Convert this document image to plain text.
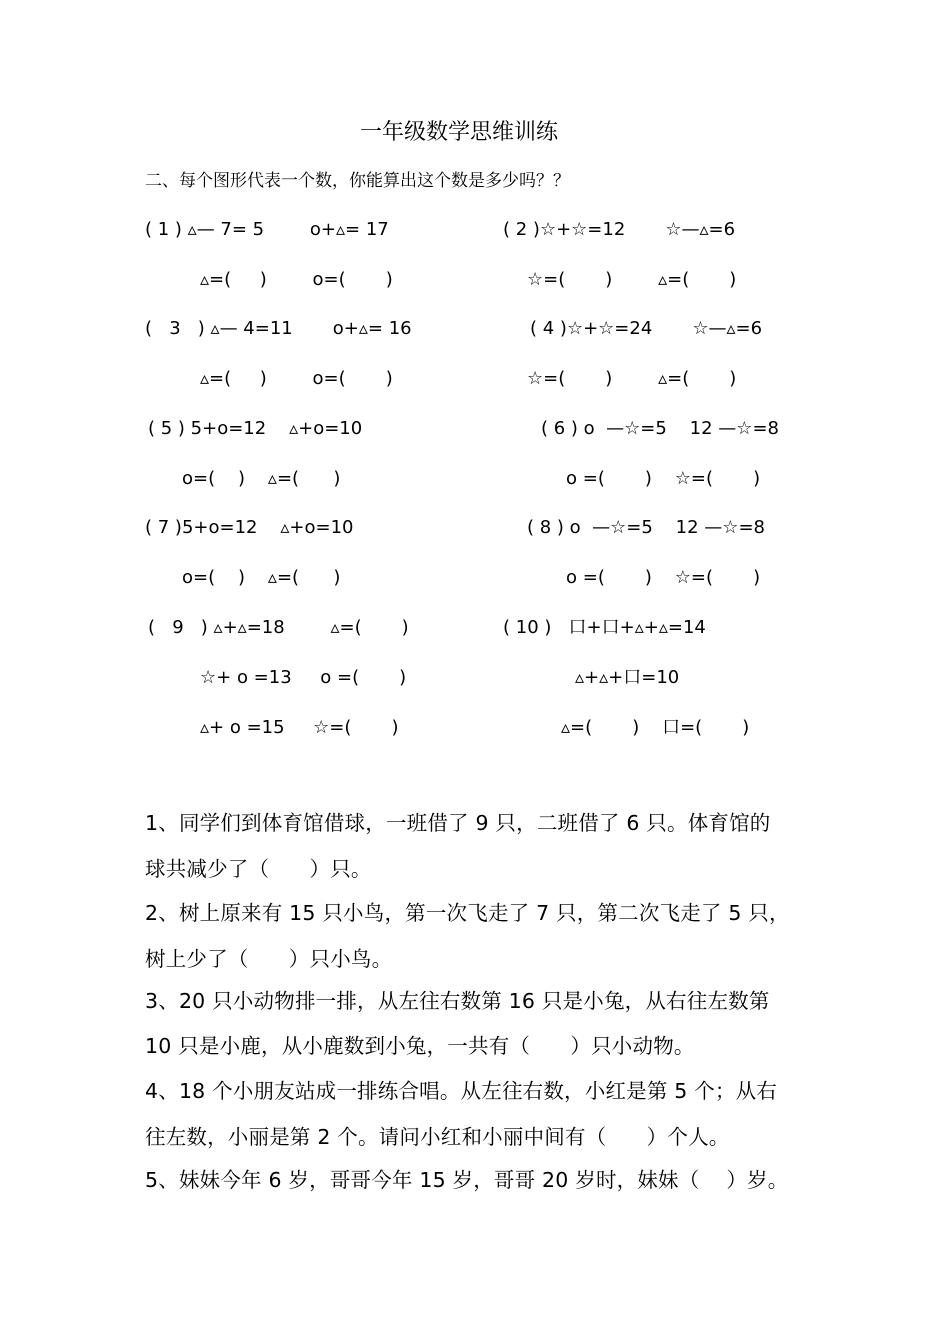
一年级数学思维训练
二、每个图形代表一个数，你能算出这个数是多少吗？？
( 1 ) ▵— 7= 5        o+▵= 17
▵=(     )        o=(       )
( 2 )☆+☆=12       ☆—▵=6
☆=(       )        ▵=(       )
(   3   ) ▵— 4=11       o+▵= 16
▵=(     )        o=(       )
( 4 )☆+☆=24       ☆—▵=6
☆=(       )        ▵=(       )
( 5 ) 5+o=12    ▵+o=10
o=(    )    ▵=(      )
( 6 ) o  —☆=5    12 —☆=8
o =(       )    ☆=(       )
( 7 )5+o=12    ▵+o=10
o=(    )    ▵=(      )
( 8 ) o  —☆=5    12 —☆=8
o =(       )    ☆=(       )
(   9   ) ▵+▵=18        ▵=(       )
☆+ o =13     o =(       )
▵+ o =15     ☆=(       )
( 10 )   口+口+▵+▵=14
▵+▵+口=10
▵=(       )    口=(       )
1、同学们到体育馆借球，一班借了 9 只，二班借了 6 只。体育馆的
球共减少了（      ）只。
2、树上原来有 15 只小鸟，第一次飞走了 7 只，第二次飞走了 5 只，
树上少了（      ）只小鸟。
3、20 只小动物排一排，从左往右数第 16 只是小兔，从右往左数第
10 只是小鹿，从小鹿数到小兔，一共有（      ）只小动物。
4、18 个小朋友站成一排练合唱。从左往右数，小红是第 5 个；从右
往左数，小丽是第 2 个。请问小红和小丽中间有（      ）个人。
5、妹妹今年 6 岁，哥哥今年 15 岁，哥哥 20 岁时，妹妹（    ）岁。
